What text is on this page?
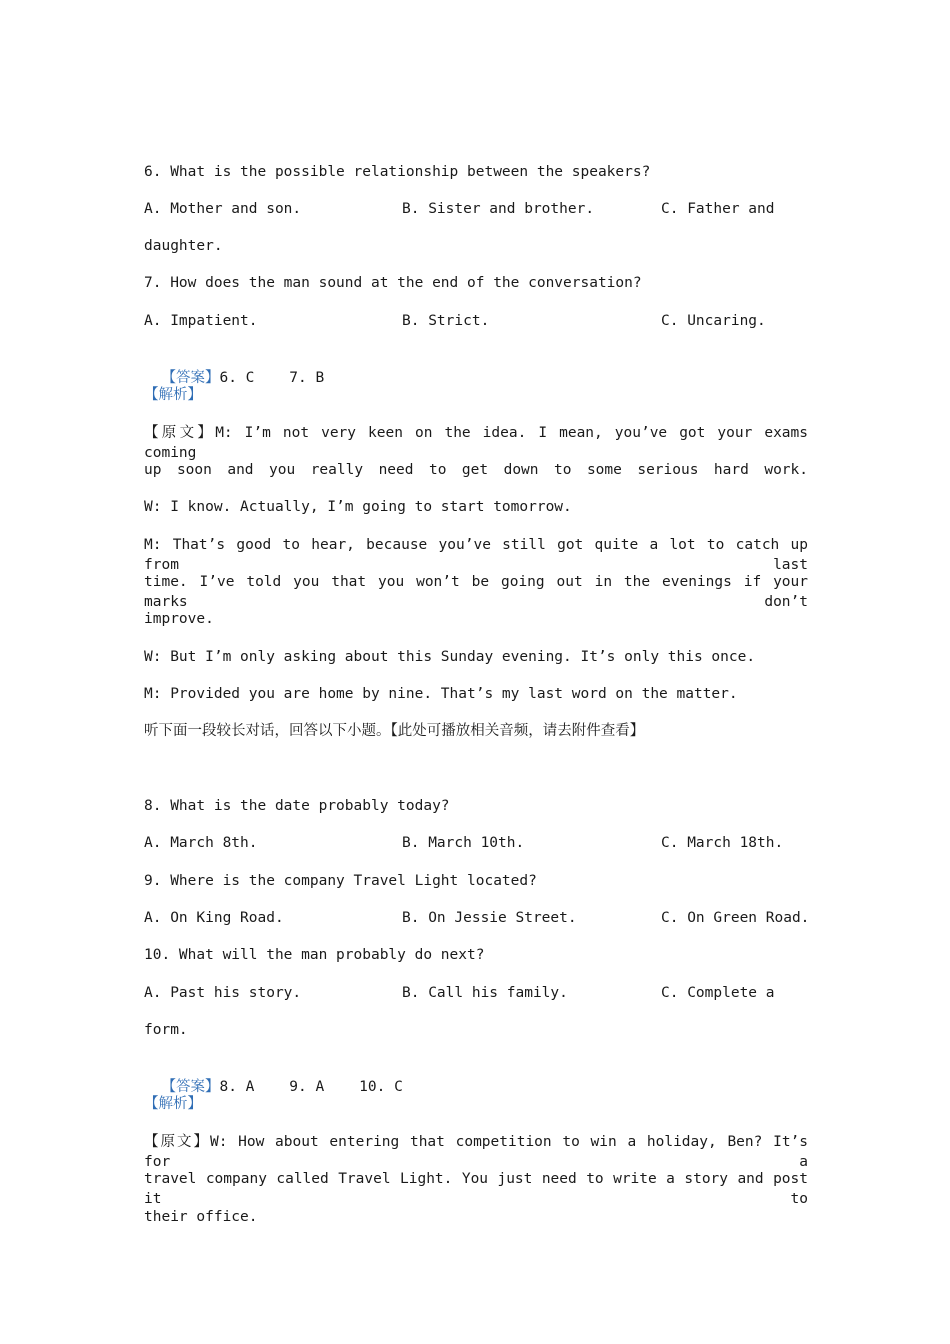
6. What is the possible relationship between the speakers?
A. Mother and son.	B. Sister and brother.	C. Father and
daughter.
7. How does the man sound at the end of the conversation?
A. Impatient.	B. Strict.	C. Uncaring.

【答案】6. C    7. B

【解析】
【原文】M: I’m not very keen on the idea. I mean, you’ve got your exams coming
up soon and you really need to get down to some serious hard work.
W: I know. Actually, I’m going to start tomorrow.
M: That’s good to hear, because you’ve still got quite a lot to catch up from last
time. I’ve told you that you won’t be going out in the evenings if your marks don’t
improve.
W: But I’m only asking about this Sunday evening. It’s only this once.
M: Provided you are home by nine. That’s my last word on the matter.
听下面一段较长对话，回答以下小题。【此处可播放相关音频，请去附件查看】
8. What is the date probably today?
A. March 8th.	B. March 10th.	C. March 18th.
9. Where is the company Travel Light located?
A. On King Road.	B. On Jessie Street.	C. On Green Road.
10. What will the man probably do next?
A. Past his story.	B. Call his family.	C. Complete a
form.

【答案】8. A    9. A    10. C

【解析】
【原文】W: How about entering that competition to win a holiday, Ben? It’s for a
travel company called Travel Light. You just need to write a story and post it to
their office.
